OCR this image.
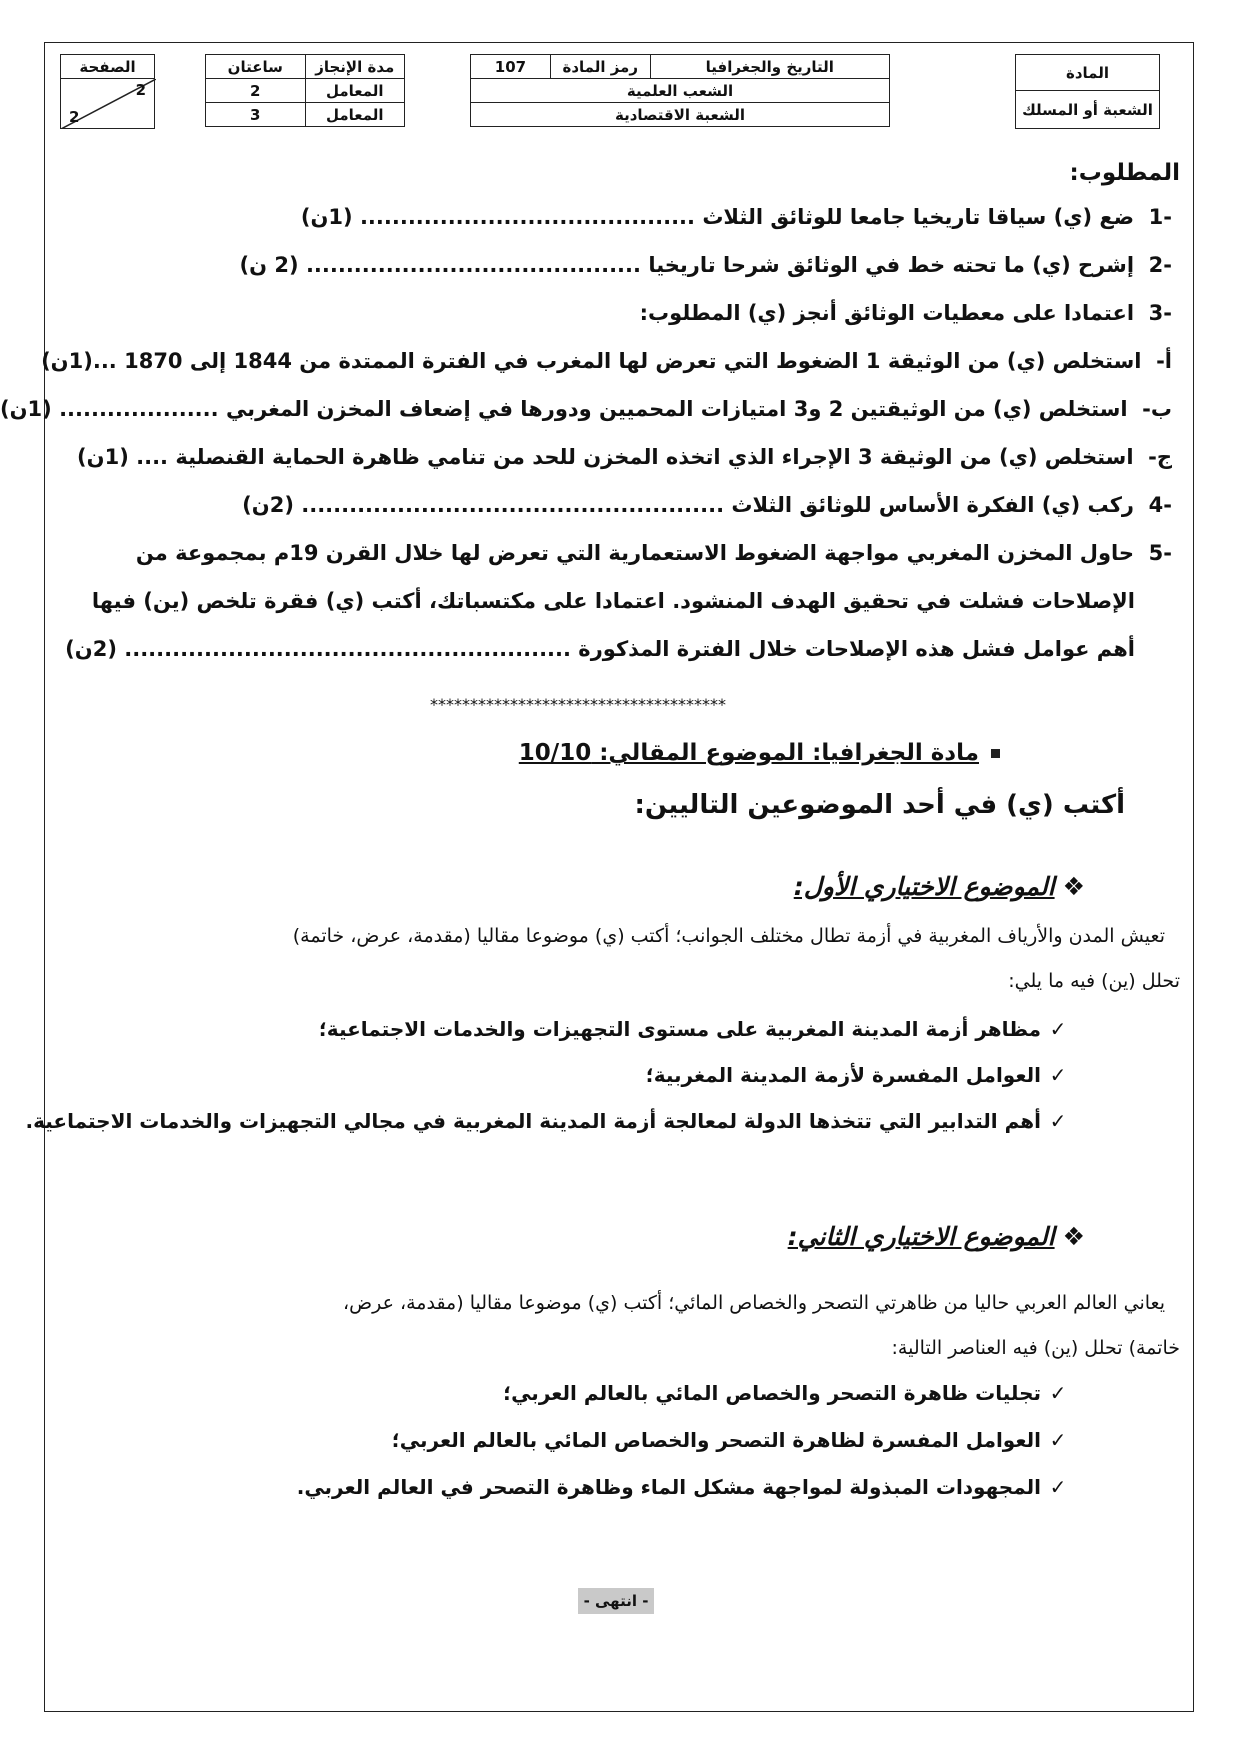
الصفحة

2
2
مدة الإنجاز	ساعتان
المعامل	2
المعامل	3
التاريخ والجغرافيا	رمز المادة	107
الشعب العلمية
الشعبة الاقتصادية
المادة
الشعبة أو المسلك
المطلوب:
-1  ضع (ي) سياقا تاريخيا جامعا للوثائق الثلاث .......................................... (1ن)
-2  إشرح (ي) ما تحته خط في الوثائق شرحا تاريخيا .......................................... (2 ن)
-3  اعتمادا على معطيات الوثائق أنجز (ي) المطلوب:
أ-  استخلص (ي) من الوثيقة 1 الضغوط التي تعرض لها المغرب في الفترة الممتدة من 1844 إلى 1870 ...(1ن)
ب-  استخلص (ي) من الوثيقتين 2 و3 امتيازات المحميين ودورها في إضعاف المخزن المغربي .................... (1ن)
ج-  استخلص (ي) من الوثيقة 3 الإجراء الذي اتخذه المخزن للحد من تنامي ظاهرة الحماية القنصلية .... (1ن)
-4  ركب (ي) الفكرة الأساس للوثائق الثلاث ..................................................... (2ن)
-5  حاول المخزن المغربي مواجهة الضغوط الاستعمارية التي تعرض لها خلال القرن 19م بمجموعة من
الإصلاحات فشلت في تحقيق الهدف المنشود. اعتمادا على مكتسباتك، أكتب (ي) فقرة تلخص (ين) فيها
أهم عوامل فشل هذه الإصلاحات خلال الفترة المذكورة ........................................................ (2ن)
*************************************
مادة الجغرافيا: الموضوع المقالي: 10/10
أكتب (ي) في أحد الموضوعين التاليين:
❖الموضوع الاختياري الأول:
تعيش المدن والأرياف المغربية في أزمة تطال مختلف الجوانب؛ أكتب (ي) موضوعا مقاليا (مقدمة، عرض، خاتمة)
تحلل (ين) فيه ما يلي:
✓مظاهر أزمة المدينة المغربية على مستوى التجهيزات والخدمات الاجتماعية؛
✓العوامل المفسرة لأزمة المدينة المغربية؛
✓أهم التدابير التي تتخذها الدولة لمعالجة أزمة المدينة المغربية في مجالي التجهيزات والخدمات الاجتماعية.
❖الموضوع الاختياري الثاني:
يعاني العالم العربي حاليا من ظاهرتي التصحر والخصاص المائي؛ أكتب (ي) موضوعا مقاليا (مقدمة، عرض،
خاتمة) تحلل (ين) فيه العناصر التالية:
✓تجليات ظاهرة التصحر والخصاص المائي بالعالم العربي؛
✓العوامل المفسرة لظاهرة التصحر والخصاص المائي بالعالم العربي؛
✓المجهودات المبذولة لمواجهة مشكل الماء وظاهرة التصحر في العالم العربي.
- انتهى -
